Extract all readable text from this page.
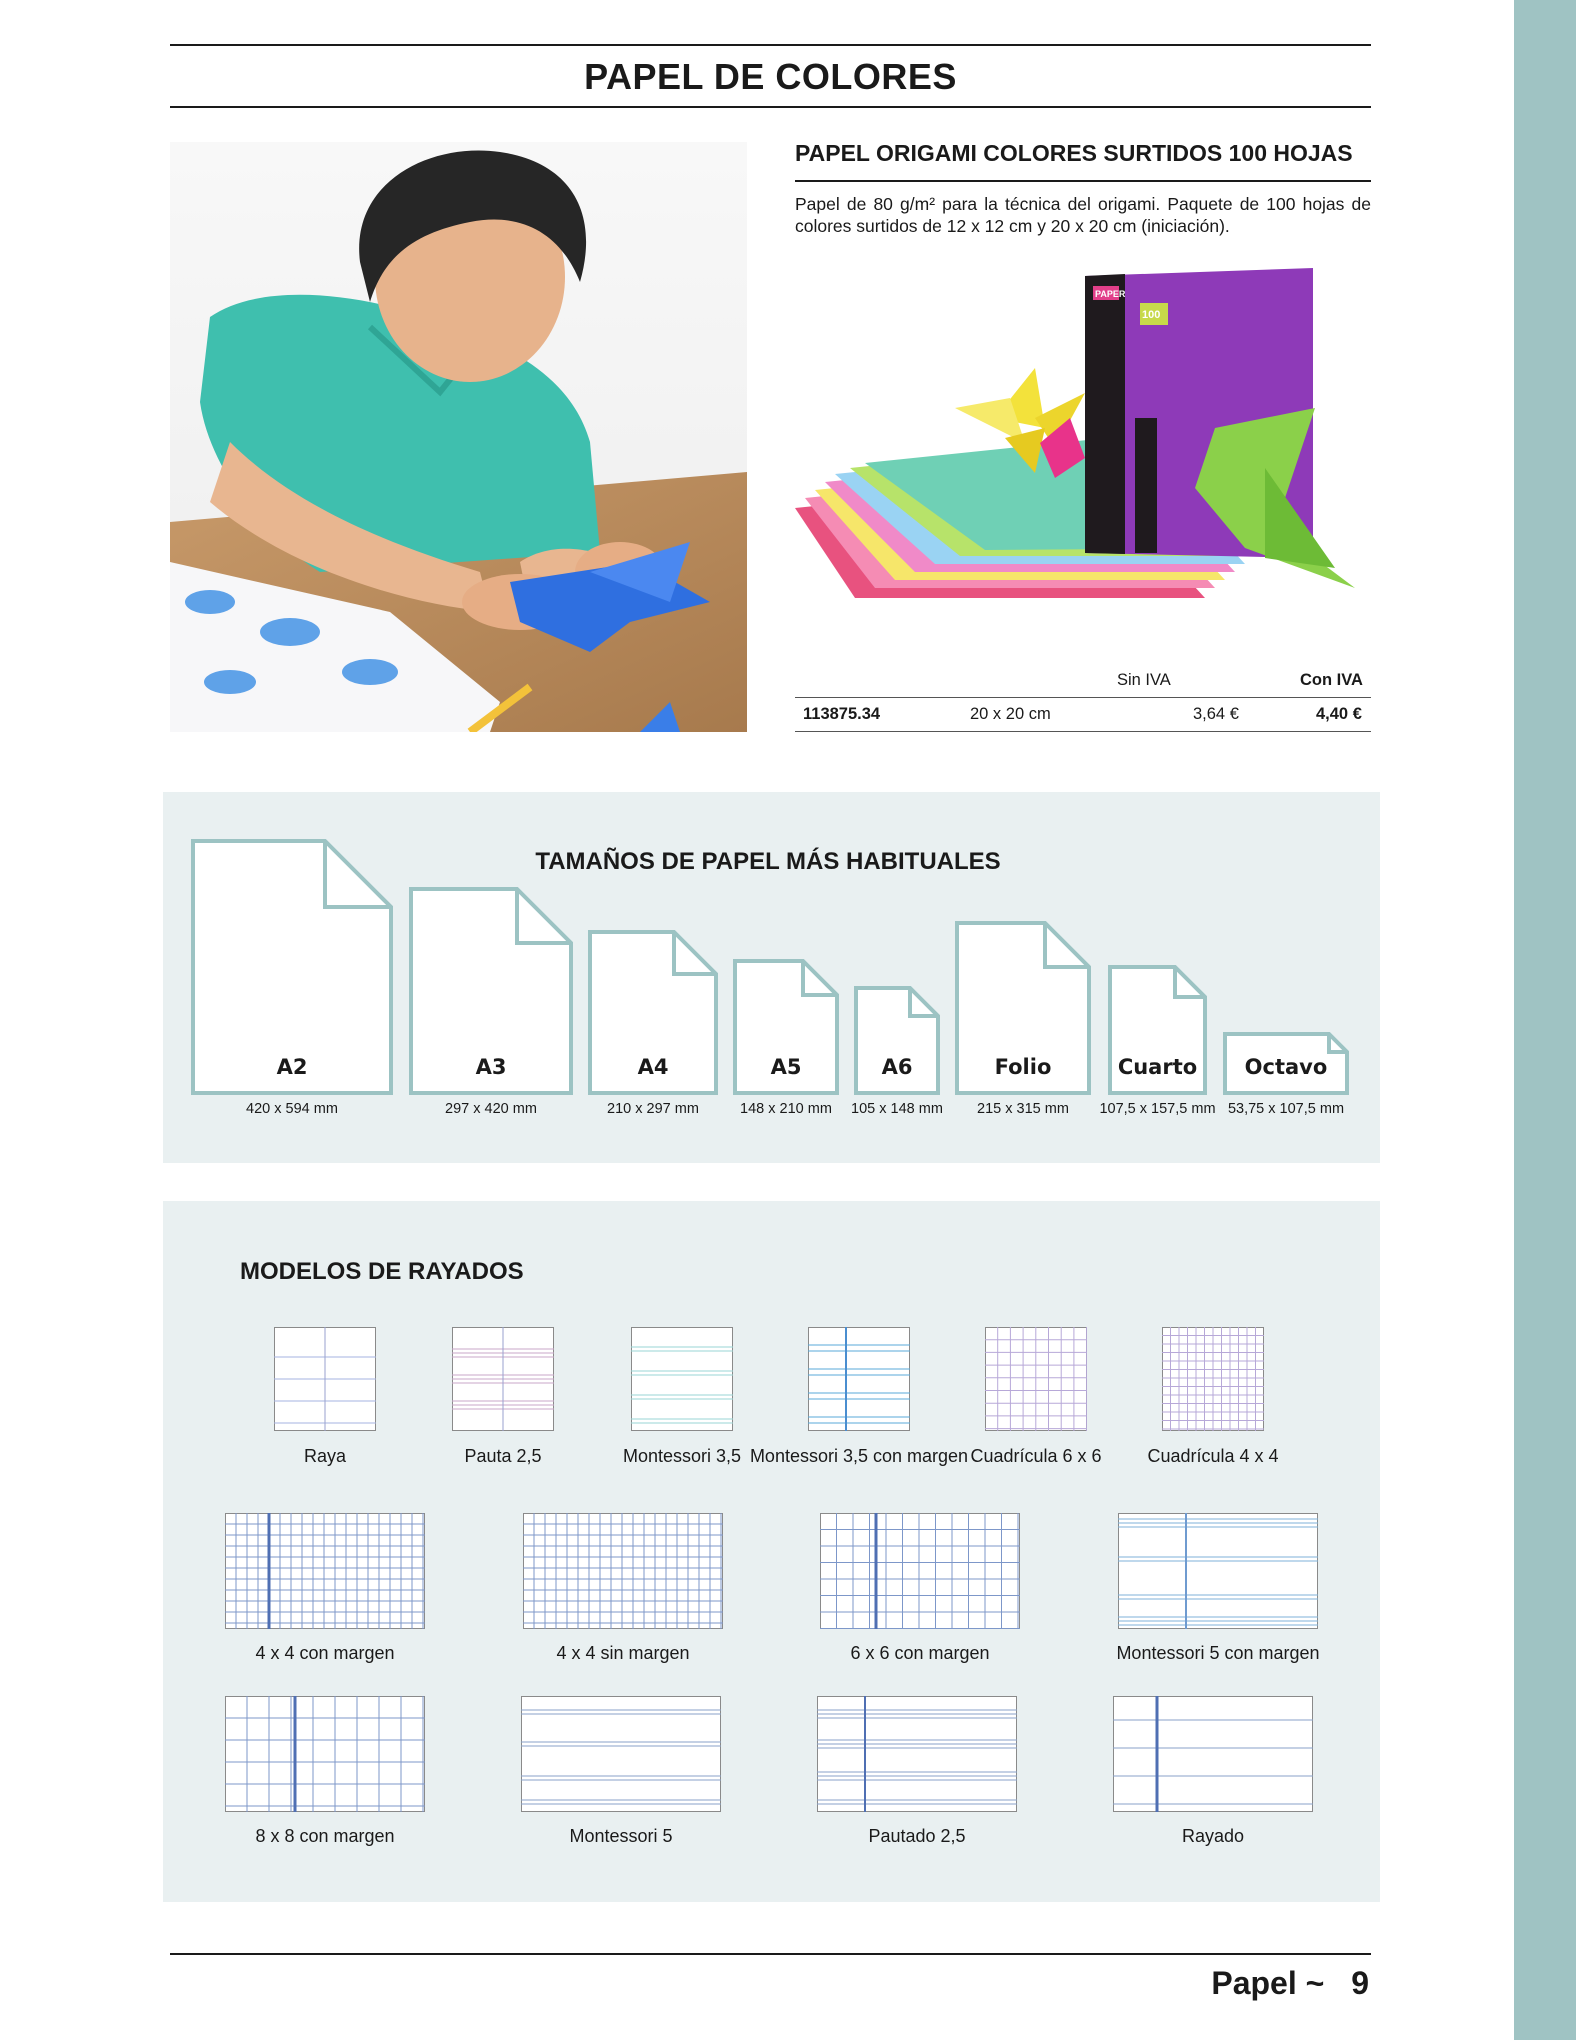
PAPEL DE COLORES
PAPEL ORIGAMI COLORES SURTIDOS 100 HOJAS
Papel de 80 g/m² para la técnica del origami. Paquete de 100 hojas de colores surtidos de 12 x 12 cm y 20 x 20 cm (iniciación).
PAPER
100
Sin IVA	Con IVA
113875.34	20 x 20 cm	3,64 €	4,40 €
TAMAÑOS DE PAPEL MÁS HABITUALES
A2
420 x 594 mm
A3
297 x 420 mm
A4
210 x 297 mm
A5
148 x 210 mm
A6
105 x 148 mm
Folio
215 x 315 mm
Cuarto
107,5 x 157,5 mm
Octavo
53,75 x 107,5 mm
MODELOS DE RAYADOS
Raya	Pauta 2,5	Montessori 3,5 Montessori 3,5 con margen Cuadrícula 6 x 6	Cuadrícula 4 x 4
4 x 4 con margen	4 x 4 sin margen	6 x 6 con margen	Montessori 5 con margen
8 x 8 con margen	Montessori 5	Pautado 2,5	Rayado
Papel ~ 9
